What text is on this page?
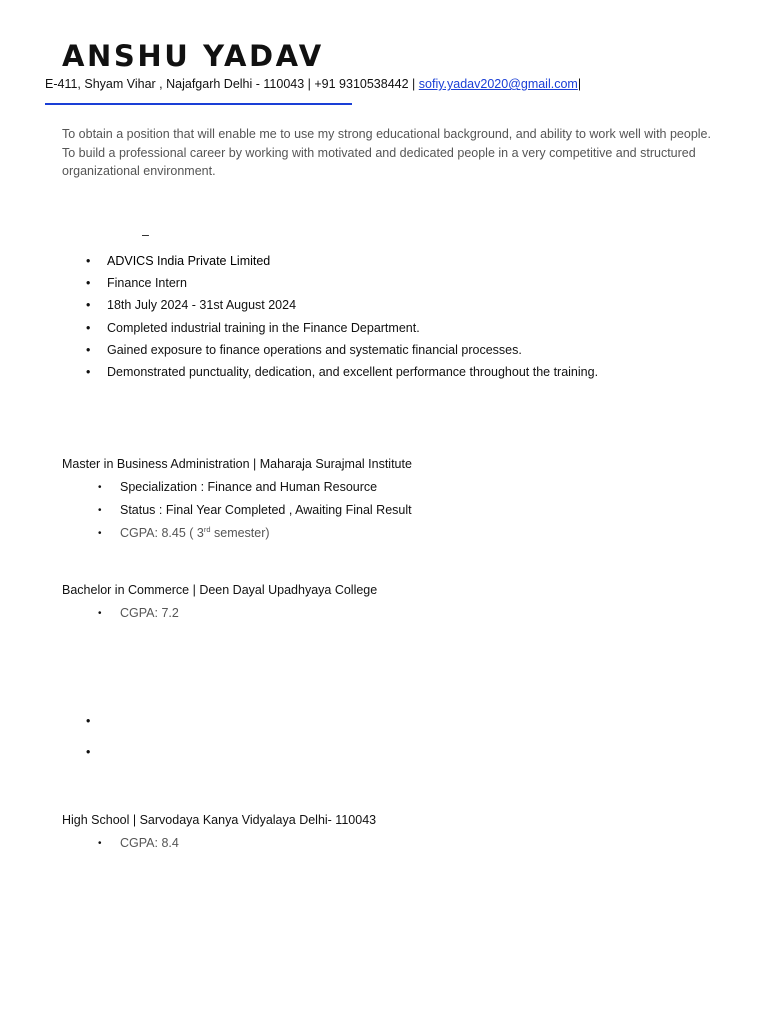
ANSHU YADAV
E-411, Shyam Vihar , Najafgarh Delhi - 110043 | +91 9310538442 | sofiy.yadav2020@gmail.com|
To obtain a position that will enable me to use my strong educational background, and ability to work well with people.
To build a professional career by working with motivated and dedicated people in a very competitive and structured
organizational environment.
–
• ADVICS India Private Limited
• Finance Intern
• 18th July 2024 - 31st August 2024
• Completed industrial training in the Finance Department.
• Gained exposure to finance operations and systematic financial processes.
• Demonstrated punctuality, dedication, and excellent performance throughout the training.
Master in Business Administration | Maharaja Surajmal Institute
• Specialization : Finance and Human Resource
• Status : Final Year Completed , Awaiting Final Result
• CGPA: 8.45 ( 3rd semester)
Bachelor in Commerce | Deen Dayal Upadhyaya College
• CGPA: 7.2
•
•
High School | Sarvodaya Kanya Vidyalaya Delhi- 110043
• CGPA: 8.4
